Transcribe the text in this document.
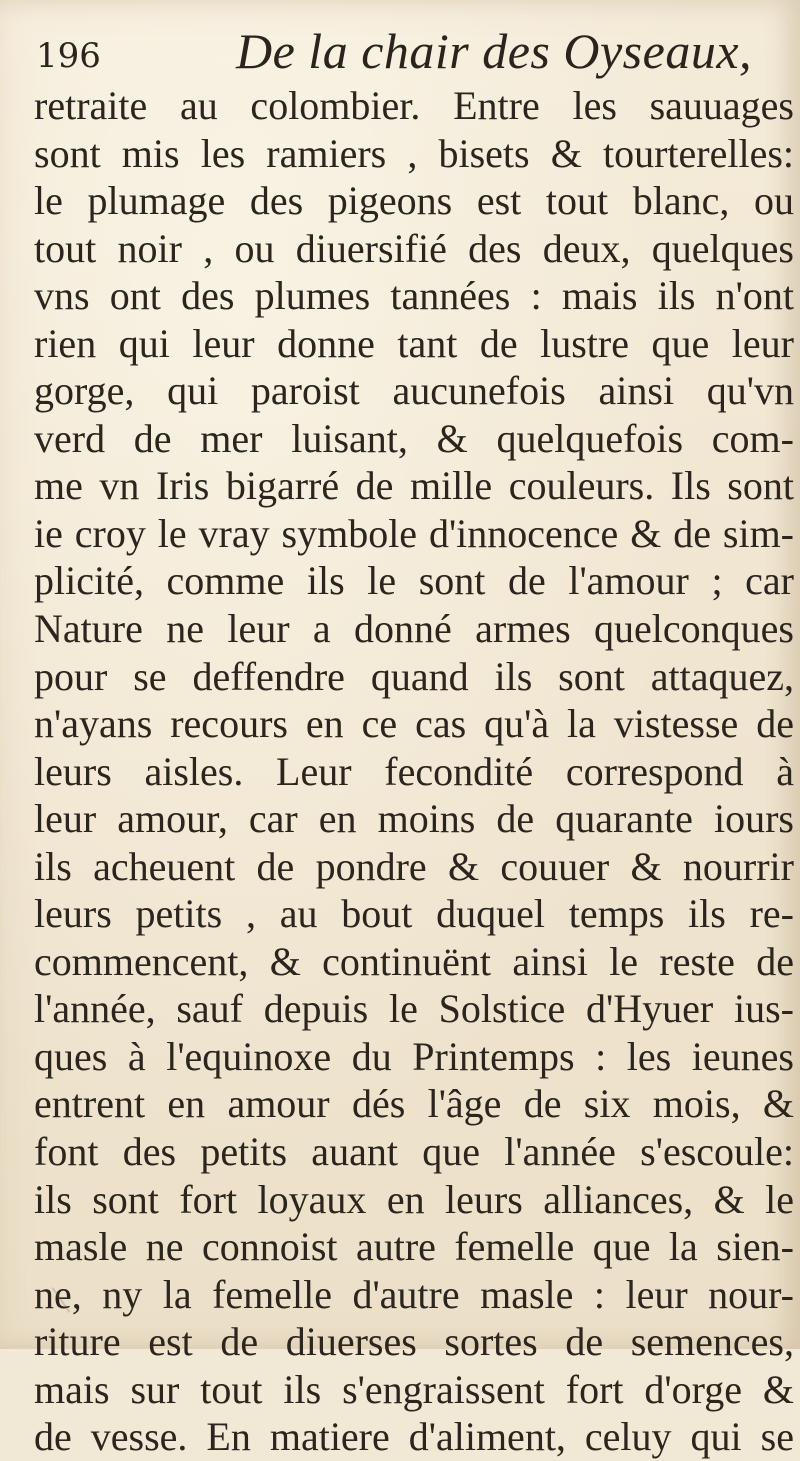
196	De la chair des Oyseaux,
retraite au colombier. Entre les sauuages
sont mis les ramiers , bisets & tourterelles:
le plumage des pigeons est tout blanc, ou
tout noir , ou diuersifié des deux, quelques
vns ont des plumes tannées : mais ils n'ont
rien qui leur donne tant de lustre que leur
gorge, qui paroist aucunefois ainsi qu'vn
verd de mer luisant, & quelquefois com-
me vn Iris bigarré de mille couleurs. Ils sont
ie croy le vray symbole d'innocence & de sim-
plicité, comme ils le sont de l'amour ; car
Nature ne leur a donné armes quelconques
pour se deffendre quand ils sont attaquez,
n'ayans recours en ce cas qu'à la vistesse de
leurs aisles. Leur fecondité correspond à
leur amour, car en moins de quarante iours
ils acheuent de pondre & couuer & nourrir
leurs petits , au bout duquel temps ils re-
commencent, & continuënt ainsi le reste de
l'année, sauf depuis le Solstice d'Hyuer ius-
ques à l'equinoxe du Printemps : les ieunes
entrent en amour dés l'âge de six mois, &
font des petits auant que l'année s'escoule:
ils sont fort loyaux en leurs alliances, & le
masle ne connoist autre femelle que la sien-
ne, ny la femelle d'autre masle : leur nour-
riture est de diuerses sortes de semences,
mais sur tout ils s'engraissent fort d'orge &
de vesse. En matiere d'aliment, celuy qui se
